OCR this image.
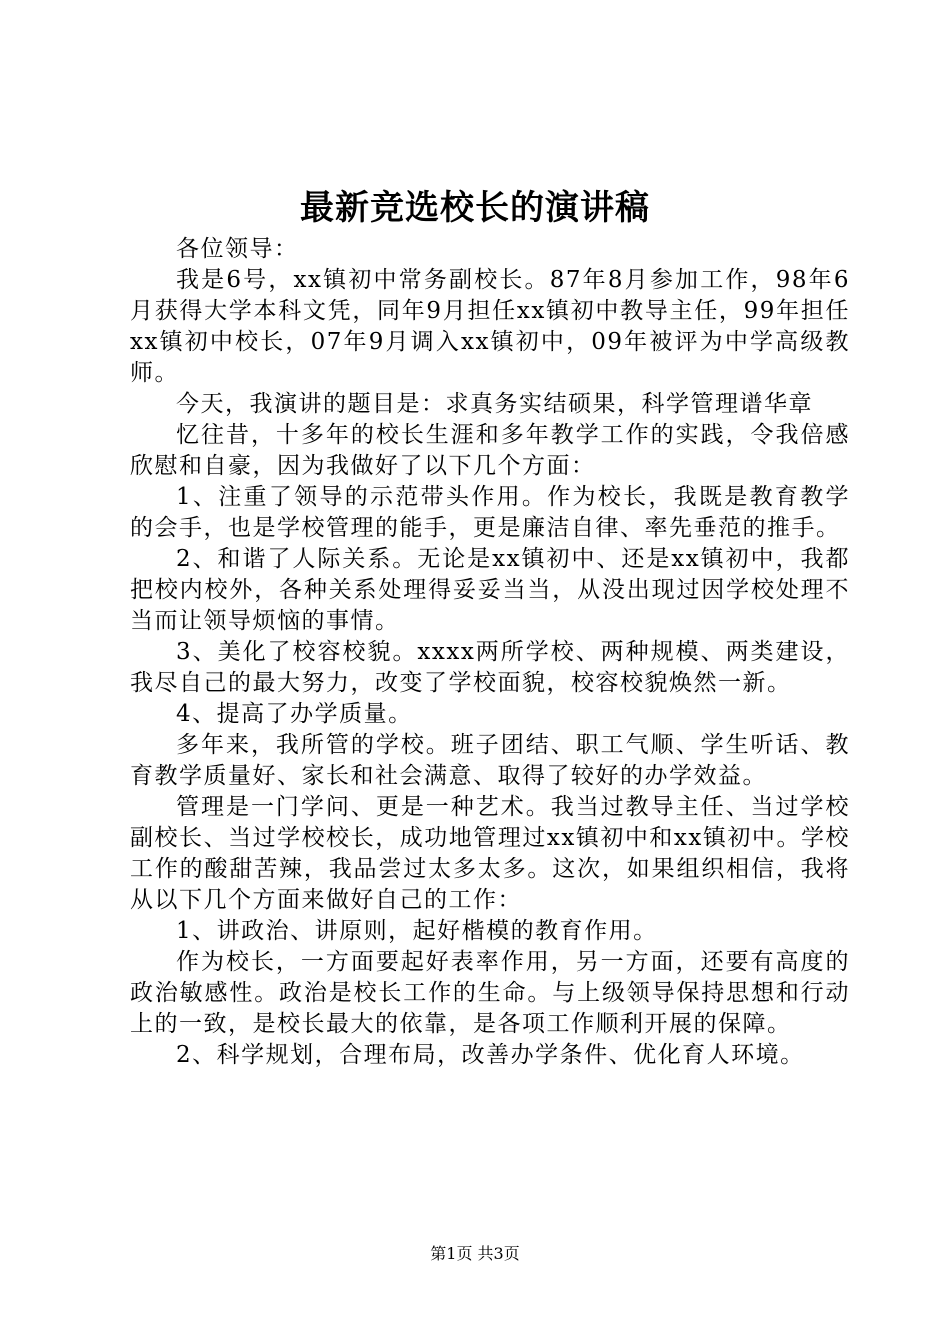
最新竞选校长的演讲稿

各位领导：

我是6号，xx镇初中常务副校长。87年8月参加工作，98年6月获得大学本科文凭，同年9月担任xx镇初中教导主任，99年担任xx镇初中校长，07年9月调入xx镇初中，09年被评为中学高级教师。

今天，我演讲的题目是：求真务实结硕果，科学管理谱华章

忆往昔，十多年的校长生涯和多年教学工作的实践，令我倍感欣慰和自豪，因为我做好了以下几个方面：

1、注重了领导的示范带头作用。作为校长，我既是教育教学的会手，也是学校管理的能手，更是廉洁自律、率先垂范的推手。

2、和谐了人际关系。无论是xx镇初中、还是xx镇初中，我都把校内校外，各种关系处理得妥妥当当，从没出现过因学校处理不当而让领导烦恼的事情。

3、美化了校容校貌。xxxx两所学校、两种规模、两类建设，我尽自己的最大努力，改变了学校面貌，校容校貌焕然一新。

4、提高了办学质量。

多年来，我所管的学校。班子团结、职工气顺、学生听话、教育教学质量好、家长和社会满意、取得了较好的办学效益。

管理是一门学问、更是一种艺术。我当过教导主任、当过学校副校长、当过学校校长，成功地管理过xx镇初中和xx镇初中。学校工作的酸甜苦辣，我品尝过太多太多。这次，如果组织相信，我将从以下几个方面来做好自己的工作：

1、讲政治、讲原则，起好楷模的教育作用。

作为校长，一方面要起好表率作用，另一方面，还要有高度的政治敏感性。政治是校长工作的生命。与上级领导保持思想和行动上的一致，是校长最大的依靠，是各项工作顺利开展的保障。

2、科学规划，合理布局，改善办学条件、优化育人环境。

第1页 共3页
